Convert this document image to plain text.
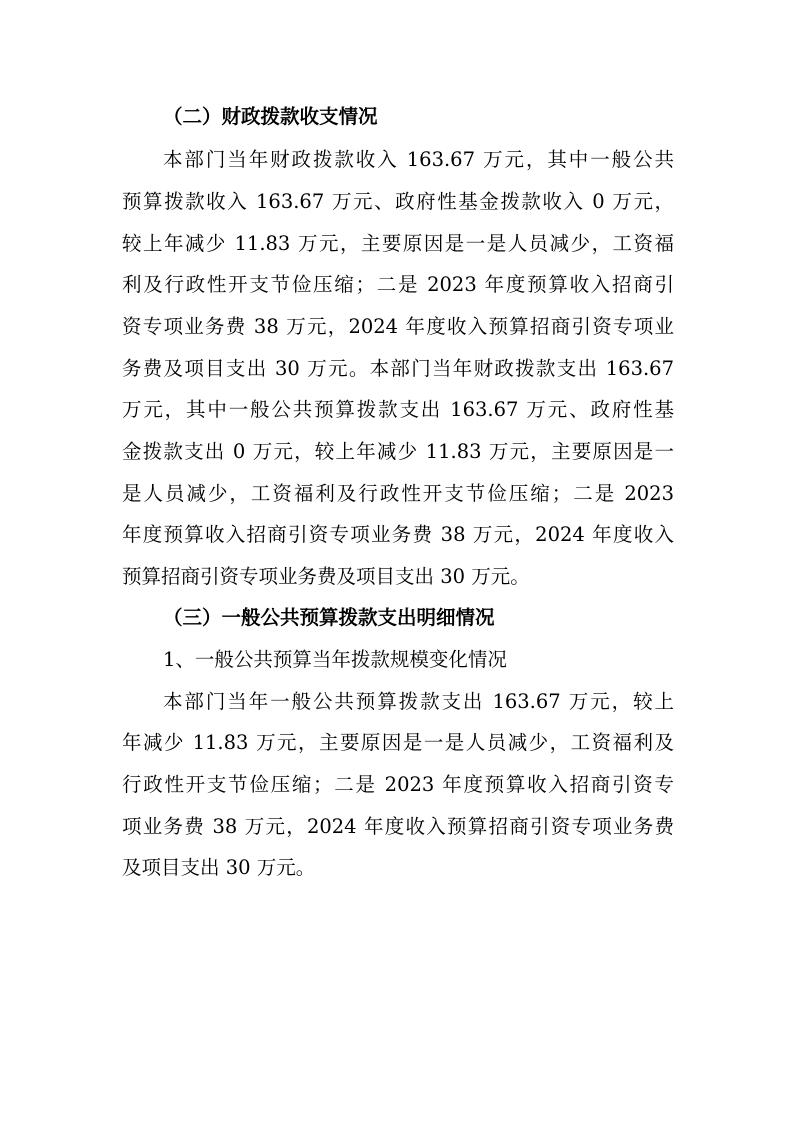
（二）财政拨款收支情况
本部门当年财政拨款收入 163.67 万元，其中一般公共
预算拨款收入 163.67 万元、政府性基金拨款收入 0 万元，
较上年减少 11.83 万元，主要原因是一是人员减少，工资福
利及行政性开支节俭压缩；二是 2023 年度预算收入招商引
资专项业务费 38 万元，2024 年度收入预算招商引资专项业
务费及项目支出 30 万元。本部门当年财政拨款支出 163.67
万元，其中一般公共预算拨款支出 163.67 万元、政府性基
金拨款支出 0 万元，较上年减少 11.83 万元，主要原因是一
是人员减少，工资福利及行政性开支节俭压缩；二是 2023
年度预算收入招商引资专项业务费 38 万元，2024 年度收入
预算招商引资专项业务费及项目支出 30 万元。
（三）一般公共预算拨款支出明细情况
1、一般公共预算当年拨款规模变化情况
本部门当年一般公共预算拨款支出 163.67 万元，较上
年减少 11.83 万元，主要原因是一是人员减少，工资福利及
行政性开支节俭压缩；二是 2023 年度预算收入招商引资专
项业务费 38 万元，2024 年度收入预算招商引资专项业务费
及项目支出 30 万元。
